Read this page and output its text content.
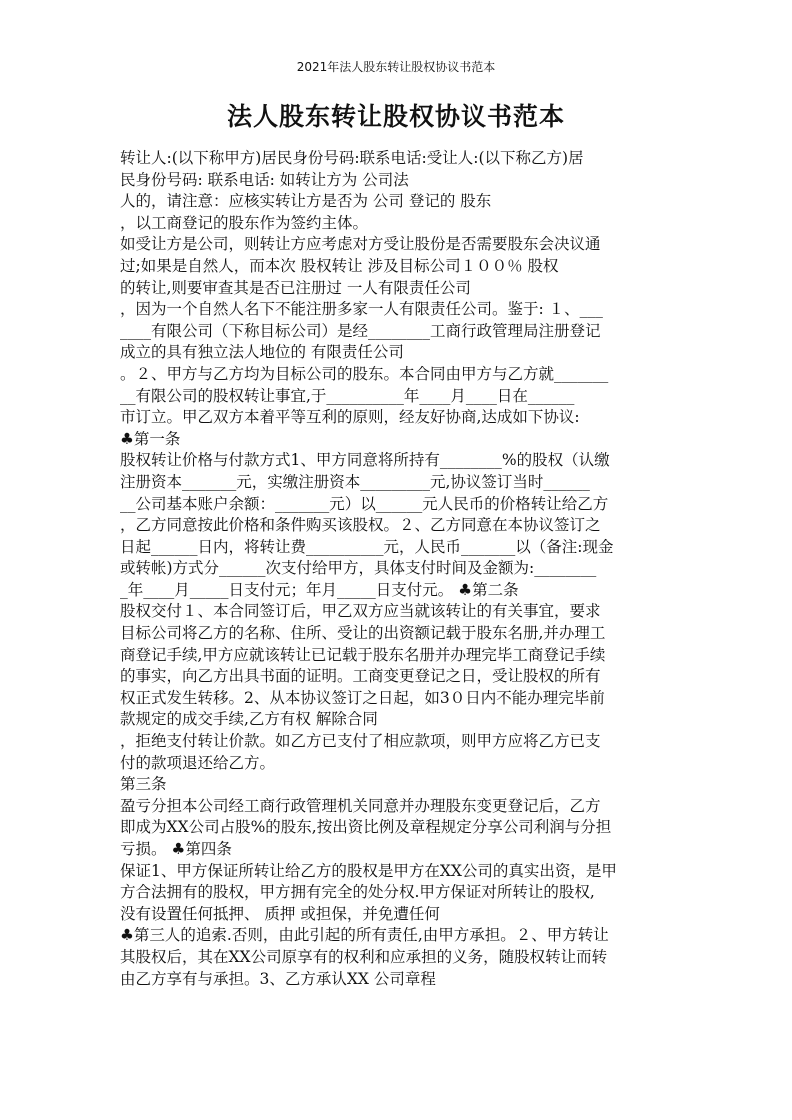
2021年法人股东转让股权协议书范本
法人股东转让股权协议书范本
转让人:(以下称甲方)居民身份号码:联系电话:受让人:(以下称乙方)居
民身份号码: 联系电话: 如转让方为 公司法
人的，请注意：应核实转让方是否为 公司 登记的 股东
，以工商登记的股东作为签约主体。
如受让方是公司，则转让方应考虑对方受让股份是否需要股东会决议通
过;如果是自然人，而本次 股权转让 涉及目标公司１００％ 股权
的转让,则要审查其是否已注册过 一人有限责任公司
，因为一个自然人名下不能注册多家一人有限责任公司。鉴于: １、___
____有限公司（下称目标公司）是经________工商行政管理局注册登记
成立的具有独立法人地位的 有限责任公司
。２、甲方与乙方均为目标公司的股东。本合同由甲方与乙方就_______
__有限公司的股权转让事宜,于__________年____月____日在______
市订立。甲乙双方本着平等互利的原则，经友好协商,达成如下协议:
♣第一条
股权转让价格与付款方式1、甲方同意将所持有________%的股权（认缴
注册资本_______元，实缴注册资本_________元,协议签订当时______
__公司基本账户余额：_______元）以______元人民币的价格转让给乙方
，乙方同意按此价格和条件购买该股权。２、乙方同意在本协议签订之
日起______日内，将转让费__________元，人民币_______以（备注:现金
或转帐)方式分______次支付给甲方，具体支付时间及金额为:________
_年____月_____日支付元；年月_____日支付元。 ♣第二条
股权交付１、本合同签订后，甲乙双方应当就该转让的有关事宜，要求
目标公司将乙方的名称、住所、受让的出资额记载于股东名册,并办理工
商登记手续,甲方应就该转让已记载于股东名册并办理完毕工商登记手续
的事实，向乙方出具书面的证明。工商变更登记之日，受让股权的所有
权正式发生转移。2、从本协议签订之日起，如3０日内不能办理完毕前
款规定的成交手续,乙方有权 解除合同
，拒绝支付转让价款。如乙方已支付了相应款项，则甲方应将乙方已支
付的款项退还给乙方。
第三条
盈亏分担本公司经工商行政管理机关同意并办理股东变更登记后，乙方
即成为XX公司占股%的股东,按出资比例及章程规定分享公司利润与分担
亏损。 ♣第四条
保证1、甲方保证所转让给乙方的股权是甲方在XX公司的真实出资，是甲
方合法拥有的股权，甲方拥有完全的处分权.甲方保证对所转让的股权,
没有设置任何抵押、 质押 或担保，并免遭任何
♣第三人的追索.否则，由此引起的所有责任,由甲方承担。２、甲方转让
其股权后，其在XX公司原享有的权利和应承担的义务，随股权转让而转
由乙方享有与承担。3、乙方承认XX 公司章程
